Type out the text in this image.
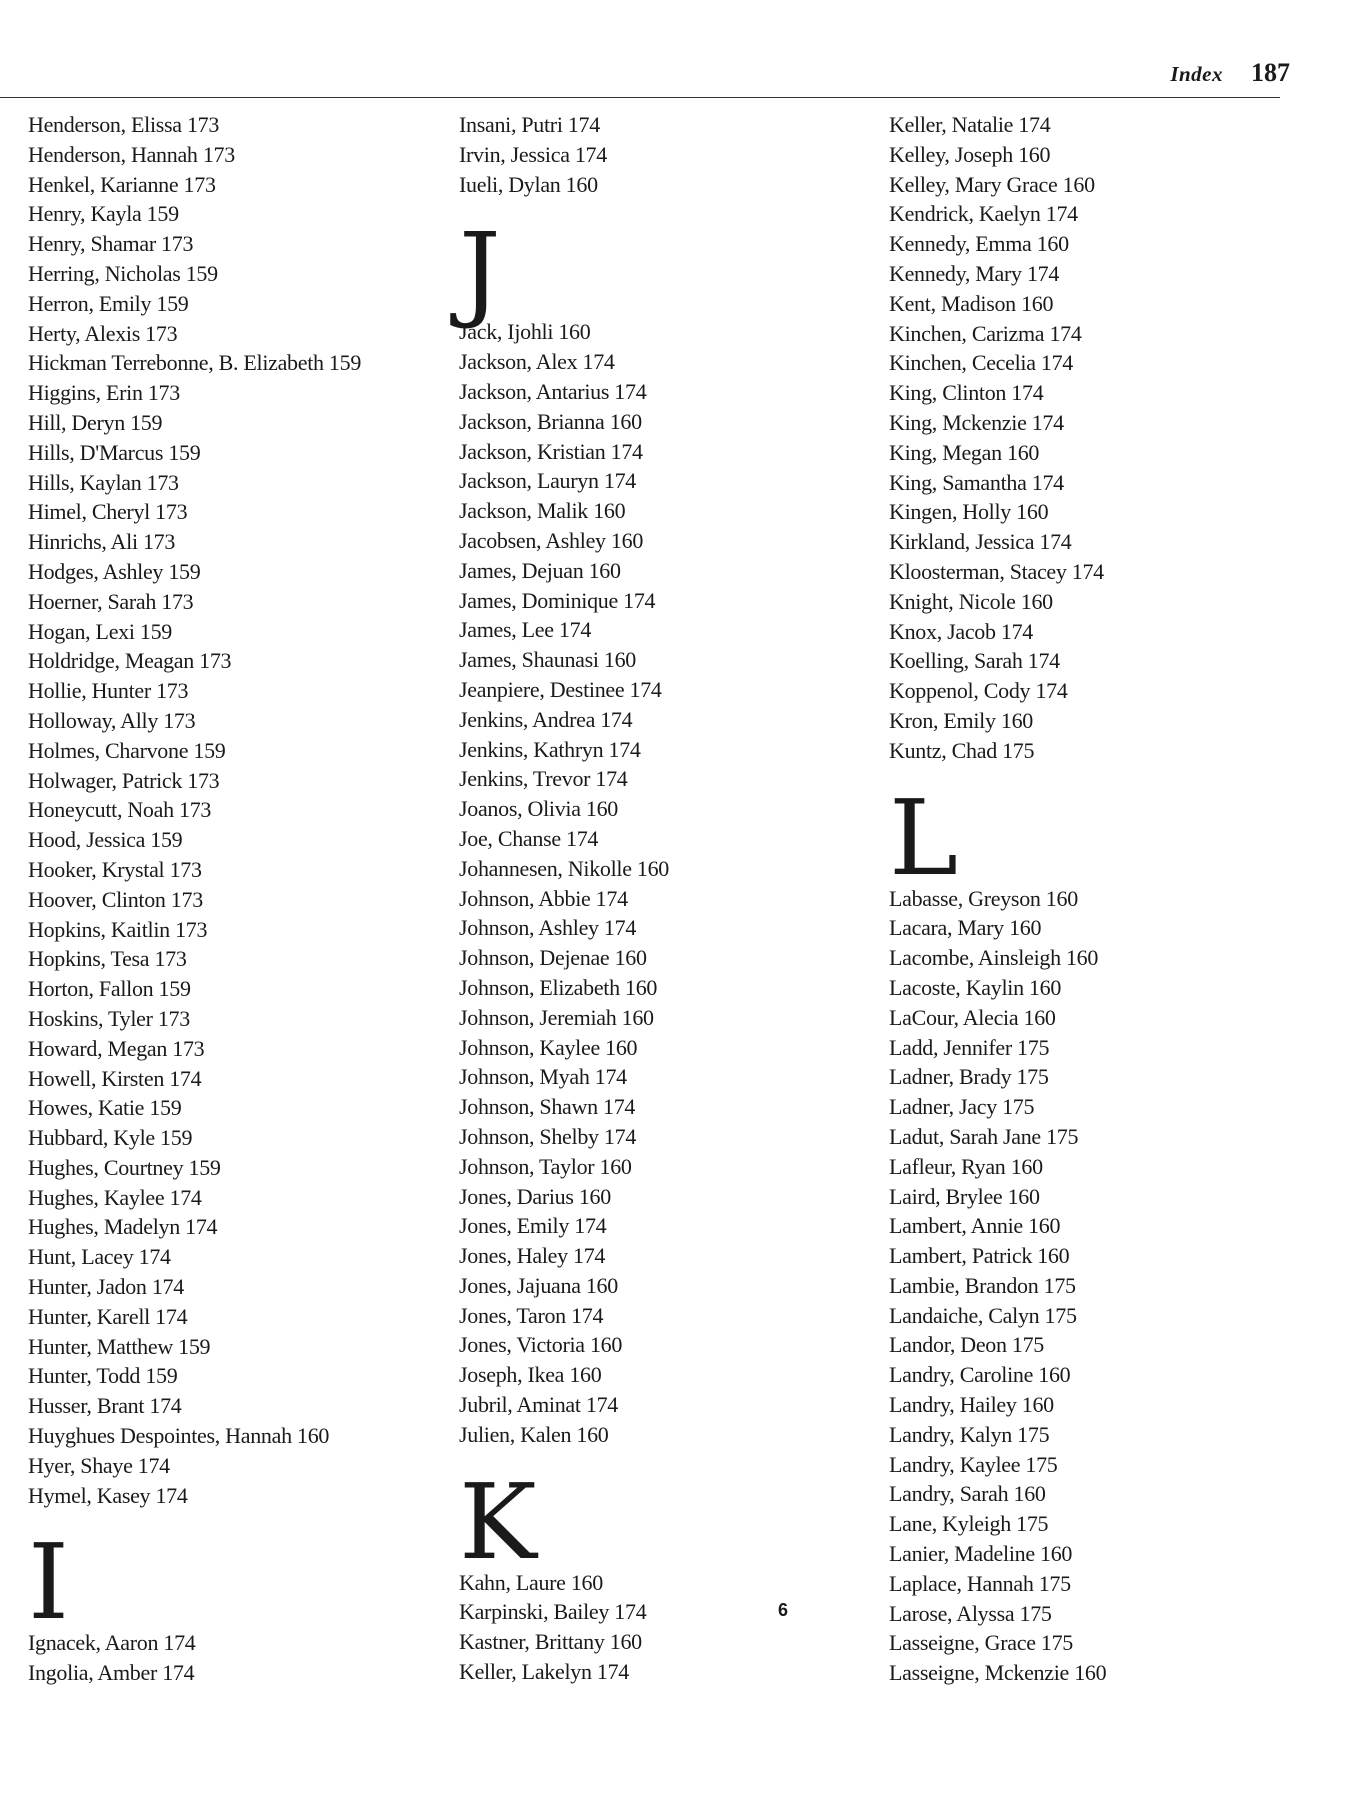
Index 187
Henderson, Elissa 173
Henderson, Hannah 173
Henkel, Karianne 173
Henry, Kayla 159
Henry, Shamar 173
Herring, Nicholas 159
Herron, Emily 159
Herty, Alexis 173
Hickman Terrebonne, B. Elizabeth 159
Higgins, Erin 173
Hill, Deryn 159
Hills, D'Marcus 159
Hills, Kaylan 173
Himel, Cheryl 173
Hinrichs, Ali 173
Hodges, Ashley 159
Hoerner, Sarah 173
Hogan, Lexi 159
Holdridge, Meagan 173
Hollie, Hunter 173
Holloway, Ally 173
Holmes, Charvone 159
Holwager, Patrick 173
Honeycutt, Noah 173
Hood, Jessica 159
Hooker, Krystal 173
Hoover, Clinton 173
Hopkins, Kaitlin 173
Hopkins, Tesa 173
Horton, Fallon 159
Hoskins, Tyler 173
Howard, Megan 173
Howell, Kirsten 174
Howes, Katie 159
Hubbard, Kyle 159
Hughes, Courtney 159
Hughes, Kaylee 174
Hughes, Madelyn 174
Hunt, Lacey 174
Hunter, Jadon 174
Hunter, Karell 174
Hunter, Matthew 159
Hunter, Todd 159
Husser, Brant 174
Huyghues Despointes, Hannah 160
Hyer, Shaye 174
Hymel, Kasey 174
I
Ignacek, Aaron 174
Ingolia, Amber 174
Insani, Putri 174
Irvin, Jessica 174
Iueli, Dylan 160
J
Jack, Ijohli 160
Jackson, Alex 174
Jackson, Antarius 174
Jackson, Brianna 160
Jackson, Kristian 174
Jackson, Lauryn 174
Jackson, Malik 160
Jacobsen, Ashley 160
James, Dejuan 160
James, Dominique 174
James, Lee 174
James, Shaunasi 160
Jeanpiere, Destinee 174
Jenkins, Andrea 174
Jenkins, Kathryn 174
Jenkins, Trevor 174
Joanos, Olivia 160
Joe, Chanse 174
Johannesen, Nikolle 160
Johnson, Abbie 174
Johnson, Ashley 174
Johnson, Dejenae 160
Johnson, Elizabeth 160
Johnson, Jeremiah 160
Johnson, Kaylee 160
Johnson, Myah 174
Johnson, Shawn 174
Johnson, Shelby 174
Johnson, Taylor 160
Jones, Darius 160
Jones, Emily 174
Jones, Haley 174
Jones, Jajuana 160
Jones, Taron 174
Jones, Victoria 160
Joseph, Ikea 160
Jubril, Aminat 174
Julien, Kalen 160
K
Kahn, Laure 160
Karpinski, Bailey 174
Kastner, Brittany 160
Keller, Lakelyn 174
Keller, Natalie 174
Kelley, Joseph 160
Kelley, Mary Grace 160
Kendrick, Kaelyn 174
Kennedy, Emma 160
Kennedy, Mary 174
Kent, Madison 160
Kinchen, Carizma 174
Kinchen, Cecelia 174
King, Clinton 174
King, Mckenzie 174
King, Megan 160
King, Samantha 174
Kingen, Holly 160
Kirkland, Jessica 174
Kloosterman, Stacey 174
Knight, Nicole 160
Knox, Jacob 174
Koelling, Sarah 174
Koppenol, Cody 174
Kron, Emily 160
Kuntz, Chad 175
L
Labasse, Greyson 160
Lacara, Mary 160
Lacombe, Ainsleigh 160
Lacoste, Kaylin 160
LaCour, Alecia 160
Ladd, Jennifer 175
Ladner, Brady 175
Ladner, Jacy 175
Ladut, Sarah Jane 175
Lafleur, Ryan 160
Laird, Brylee 160
Lambert, Annie 160
Lambert, Patrick 160
Lambie, Brandon 175
Landaiche, Calyn 175
Landor, Deon 175
Landry, Caroline 160
Landry, Hailey 160
Landry, Kalyn 175
Landry, Kaylee 175
Landry, Sarah 160
Lane, Kyleigh 175
Lanier, Madeline 160
Laplace, Hannah 175
Larose, Alyssa 175
Lasseigne, Grace 175
Lasseigne, Mckenzie 160
6
